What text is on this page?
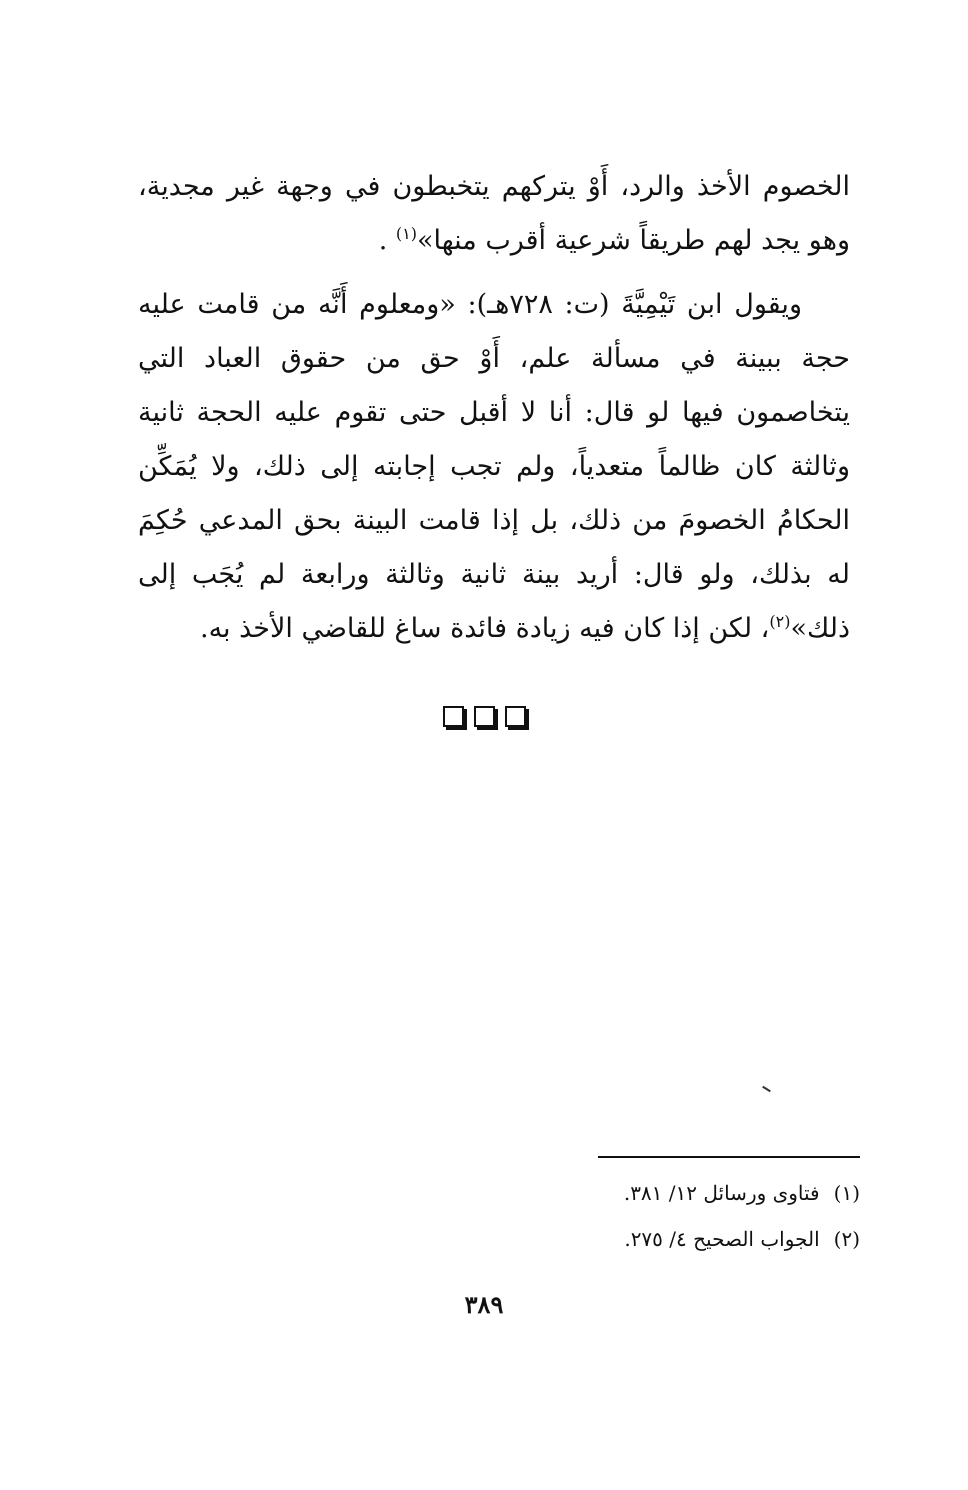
الخصوم الأخذ والرد، أَوْ يتركهم يتخبطون في وجهة غير مجدية، وهو يجد لهم طريقاً شرعية أقرب منها»$^{(١)}$ .

ويقول ابن تَيْمِيَّةَ (ت: ٧٢٨هـ): «ومعلوم أَنَّه من قامت عليه حجة ببينة في مسألة علم، أَوْ حق من حقوق العباد التي يتخاصمون فيها لو قال: أنا لا أقبل حتى تقوم عليه الحجة ثانية وثالثة كان ظالماً متعدياً، ولم تجب إجابته إلى ذلك، ولا يُمَكِّن الحكامُ الخصومَ من ذلك، بل إذا قامت البينة بحق المدعي حُكِمَ له بذلك، ولو قال: أريد بينة ثانية وثالثة ورابعة لم يُجَب إلى ذلك»$^{(٢)}$، لكن إذا كان فيه زيادة فائدة ساغ للقاضي الأخذ به.

(١)فتاوى ورسائل ١٢/ ٣٨١.
(٢)الجواب الصحيح ٤/ ٢٧٥.
٣٨٩
